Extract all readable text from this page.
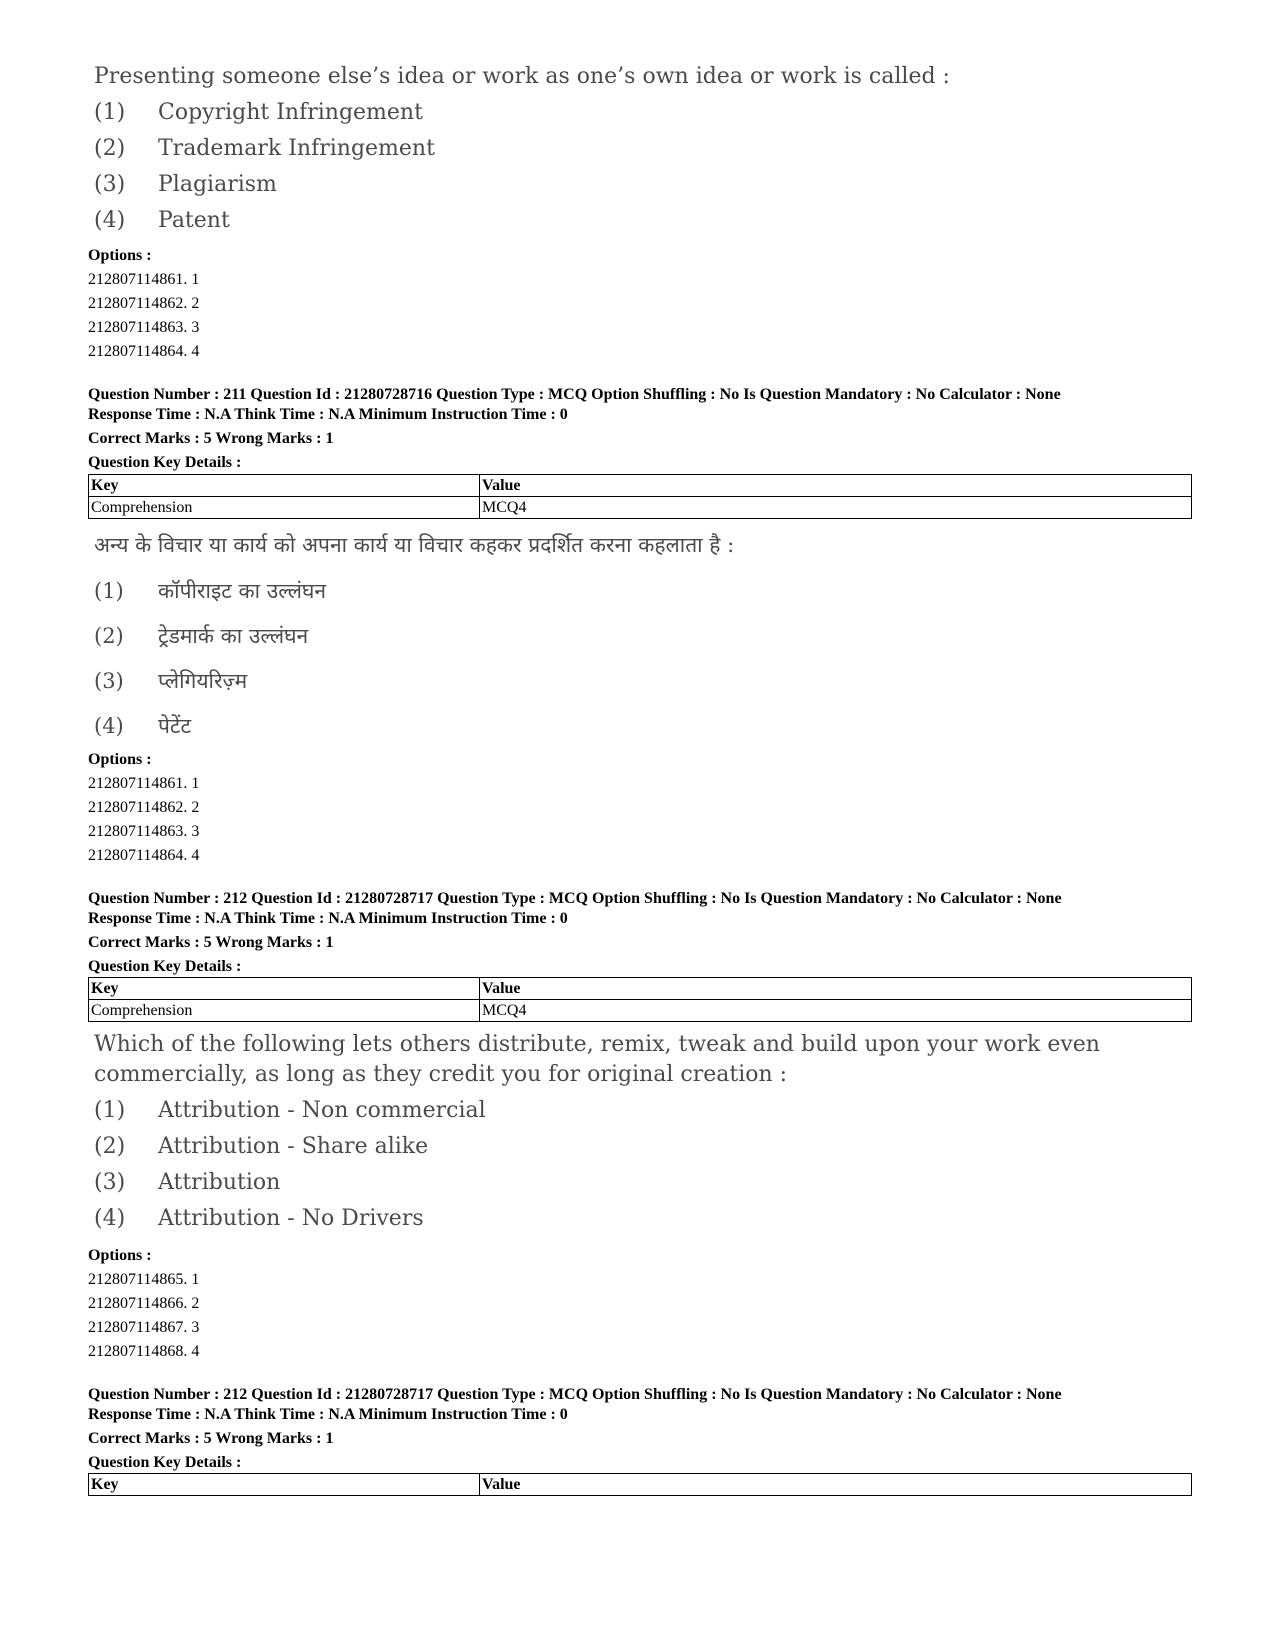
Presenting someone else’s idea or work as one’s own idea or work is called :

(1)	Copyright Infringement
(2)	Trademark Infringement
(3)	Plagiarism
(4)	Patent
Options :
212807114861. 1
212807114862. 2
212807114863. 3
212807114864. 4
Question Number : 211 Question Id : 21280728716 Question Type : MCQ Option Shuffling : No Is Question Mandatory : No Calculator : None
Response Time : N.A Think Time : N.A Minimum Instruction Time : 0
Correct Marks : 5 Wrong Marks : 1
Question Key Details :
Key	Value
Comprehension	MCQ4

अन्य के विचार या कार्य को अपना कार्य या विचार कहकर प्रदर्शित करना कहलाता है :

(1)	कॉपीराइट का उल्लंघन
(2)	ट्रेडमार्क का उल्लंघन
(3)	प्लेगियरिज़्म
(4)	पेटेंट
Options :
212807114861. 1
212807114862. 2
212807114863. 3
212807114864. 4
Question Number : 212 Question Id : 21280728717 Question Type : MCQ Option Shuffling : No Is Question Mandatory : No Calculator : None
Response Time : N.A Think Time : N.A Minimum Instruction Time : 0
Correct Marks : 5 Wrong Marks : 1
Question Key Details :
Key	Value
Comprehension	MCQ4

Which of the following lets others distribute, remix, tweak and build upon your work even commercially, as long as they credit you for original creation :

(1)	Attribution - Non commercial
(2)	Attribution - Share alike
(3)	Attribution
(4)	Attribution - No Drivers
Options :
212807114865. 1
212807114866. 2
212807114867. 3
212807114868. 4
Question Number : 212 Question Id : 21280728717 Question Type : MCQ Option Shuffling : No Is Question Mandatory : No Calculator : None
Response Time : N.A Think Time : N.A Minimum Instruction Time : 0
Correct Marks : 5 Wrong Marks : 1
Question Key Details :
Key	Value
